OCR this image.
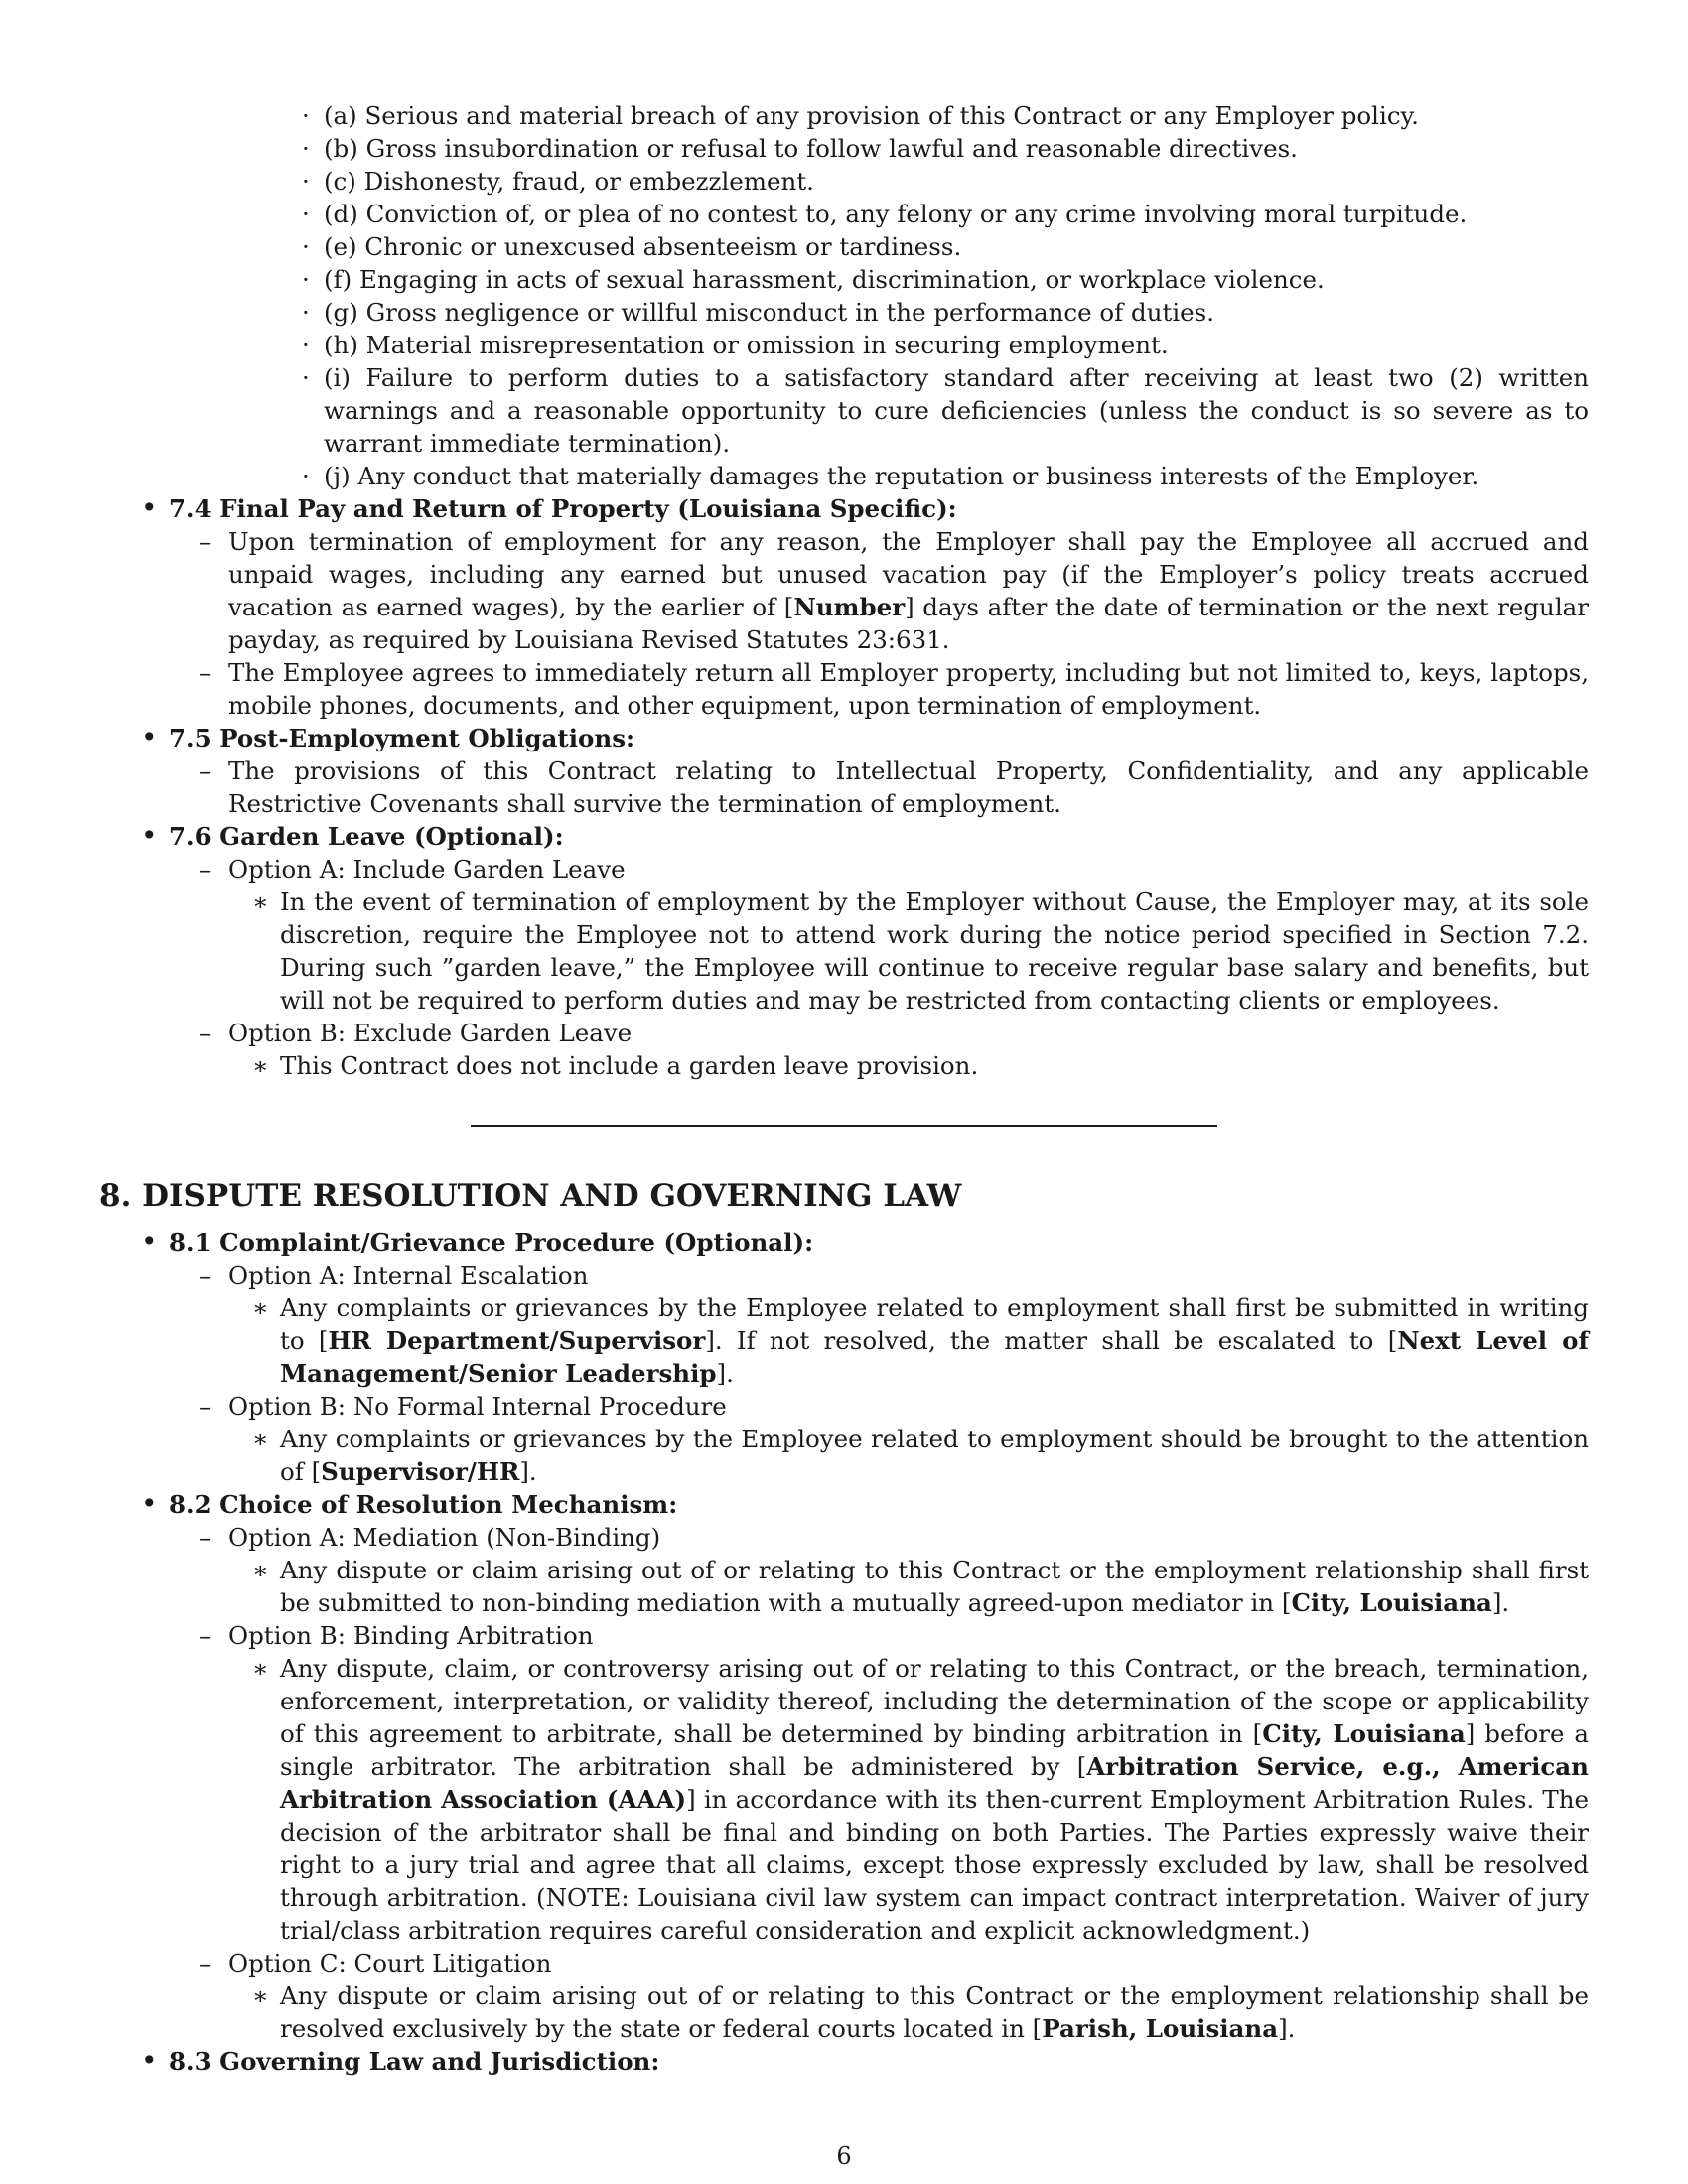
· (a) Serious and material breach of any provision of this Contract or any Employer policy.
· (b) Gross insubordination or refusal to follow lawful and reasonable directives.
· (c) Dishonesty, fraud, or embezzlement.
· (d) Conviction of, or plea of no contest to, any felony or any crime involving moral turpitude.
· (e) Chronic or unexcused absenteeism or tardiness.
· (f) Engaging in acts of sexual harassment, discrimination, or workplace violence.
· (g) Gross negligence or willful misconduct in the performance of duties.
· (h) Material misrepresentation or omission in securing employment.
· (i) Failure to perform duties to a satisfactory standard after receiving at least two (2) written warnings and a reasonable opportunity to cure deficiencies (unless the conduct is so severe as to warrant immediate termination).
· (j) Any conduct that materially damages the reputation or business interests of the Employer.
• 7.4 Final Pay and Return of Property (Louisiana Specific):
– Upon termination of employment for any reason, the Employer shall pay the Employee all accrued and unpaid wages, including any earned but unused vacation pay (if the Employer’s policy treats accrued vacation as earned wages), by the earlier of [Number] days after the date of termination or the next regular payday, as required by Louisiana Revised Statutes 23:631.
– The Employee agrees to immediately return all Employer property, including but not limited to, keys, laptops, mobile phones, documents, and other equipment, upon termination of employment.
• 7.5 Post-Employment Obligations:
– The provisions of this Contract relating to Intellectual Property, Confidentiality, and any applicable Restrictive Covenants shall survive the termination of employment.
• 7.6 Garden Leave (Optional):
– Option A: Include Garden Leave
∗ In the event of termination of employment by the Employer without Cause, the Employer may, at its sole discretion, require the Employee not to attend work during the notice period specified in Section 7.2. During such ”garden leave,” the Employee will continue to receive regular base salary and benefits, but will not be required to perform duties and may be restricted from contacting clients or employees.
– Option B: Exclude Garden Leave
∗ This Contract does not include a garden leave provision.
8. DISPUTE RESOLUTION AND GOVERNING LAW
• 8.1 Complaint/Grievance Procedure (Optional):
– Option A: Internal Escalation
∗ Any complaints or grievances by the Employee related to employment shall first be submitted in writing to [HR Department/Supervisor]. If not resolved, the matter shall be escalated to [Next Level of Management/Senior Leadership].
– Option B: No Formal Internal Procedure
∗ Any complaints or grievances by the Employee related to employment should be brought to the attention of [Supervisor/HR].
• 8.2 Choice of Resolution Mechanism:
– Option A: Mediation (Non-Binding)
∗ Any dispute or claim arising out of or relating to this Contract or the employment relationship shall first be submitted to non-binding mediation with a mutually agreed-upon mediator in [City, Louisiana].
– Option B: Binding Arbitration
∗ Any dispute, claim, or controversy arising out of or relating to this Contract, or the breach, termination, enforcement, interpretation, or validity thereof, including the determination of the scope or applicability of this agreement to arbitrate, shall be determined by binding arbitration in [City, Louisiana] before a single arbitrator. The arbitration shall be administered by [Arbitration Service, e.g., American Arbitration Association (AAA)] in accordance with its then-current Employment Arbitration Rules. The decision of the arbitrator shall be final and binding on both Parties. The Parties expressly waive their right to a jury trial and agree that all claims, except those expressly excluded by law, shall be resolved through arbitration. (NOTE: Louisiana civil law system can impact contract interpretation. Waiver of jury trial/class arbitration requires careful consideration and explicit acknowledgment.)
– Option C: Court Litigation
∗ Any dispute or claim arising out of or relating to this Contract or the employment relationship shall be resolved exclusively by the state or federal courts located in [Parish, Louisiana].
• 8.3 Governing Law and Jurisdiction:
6
